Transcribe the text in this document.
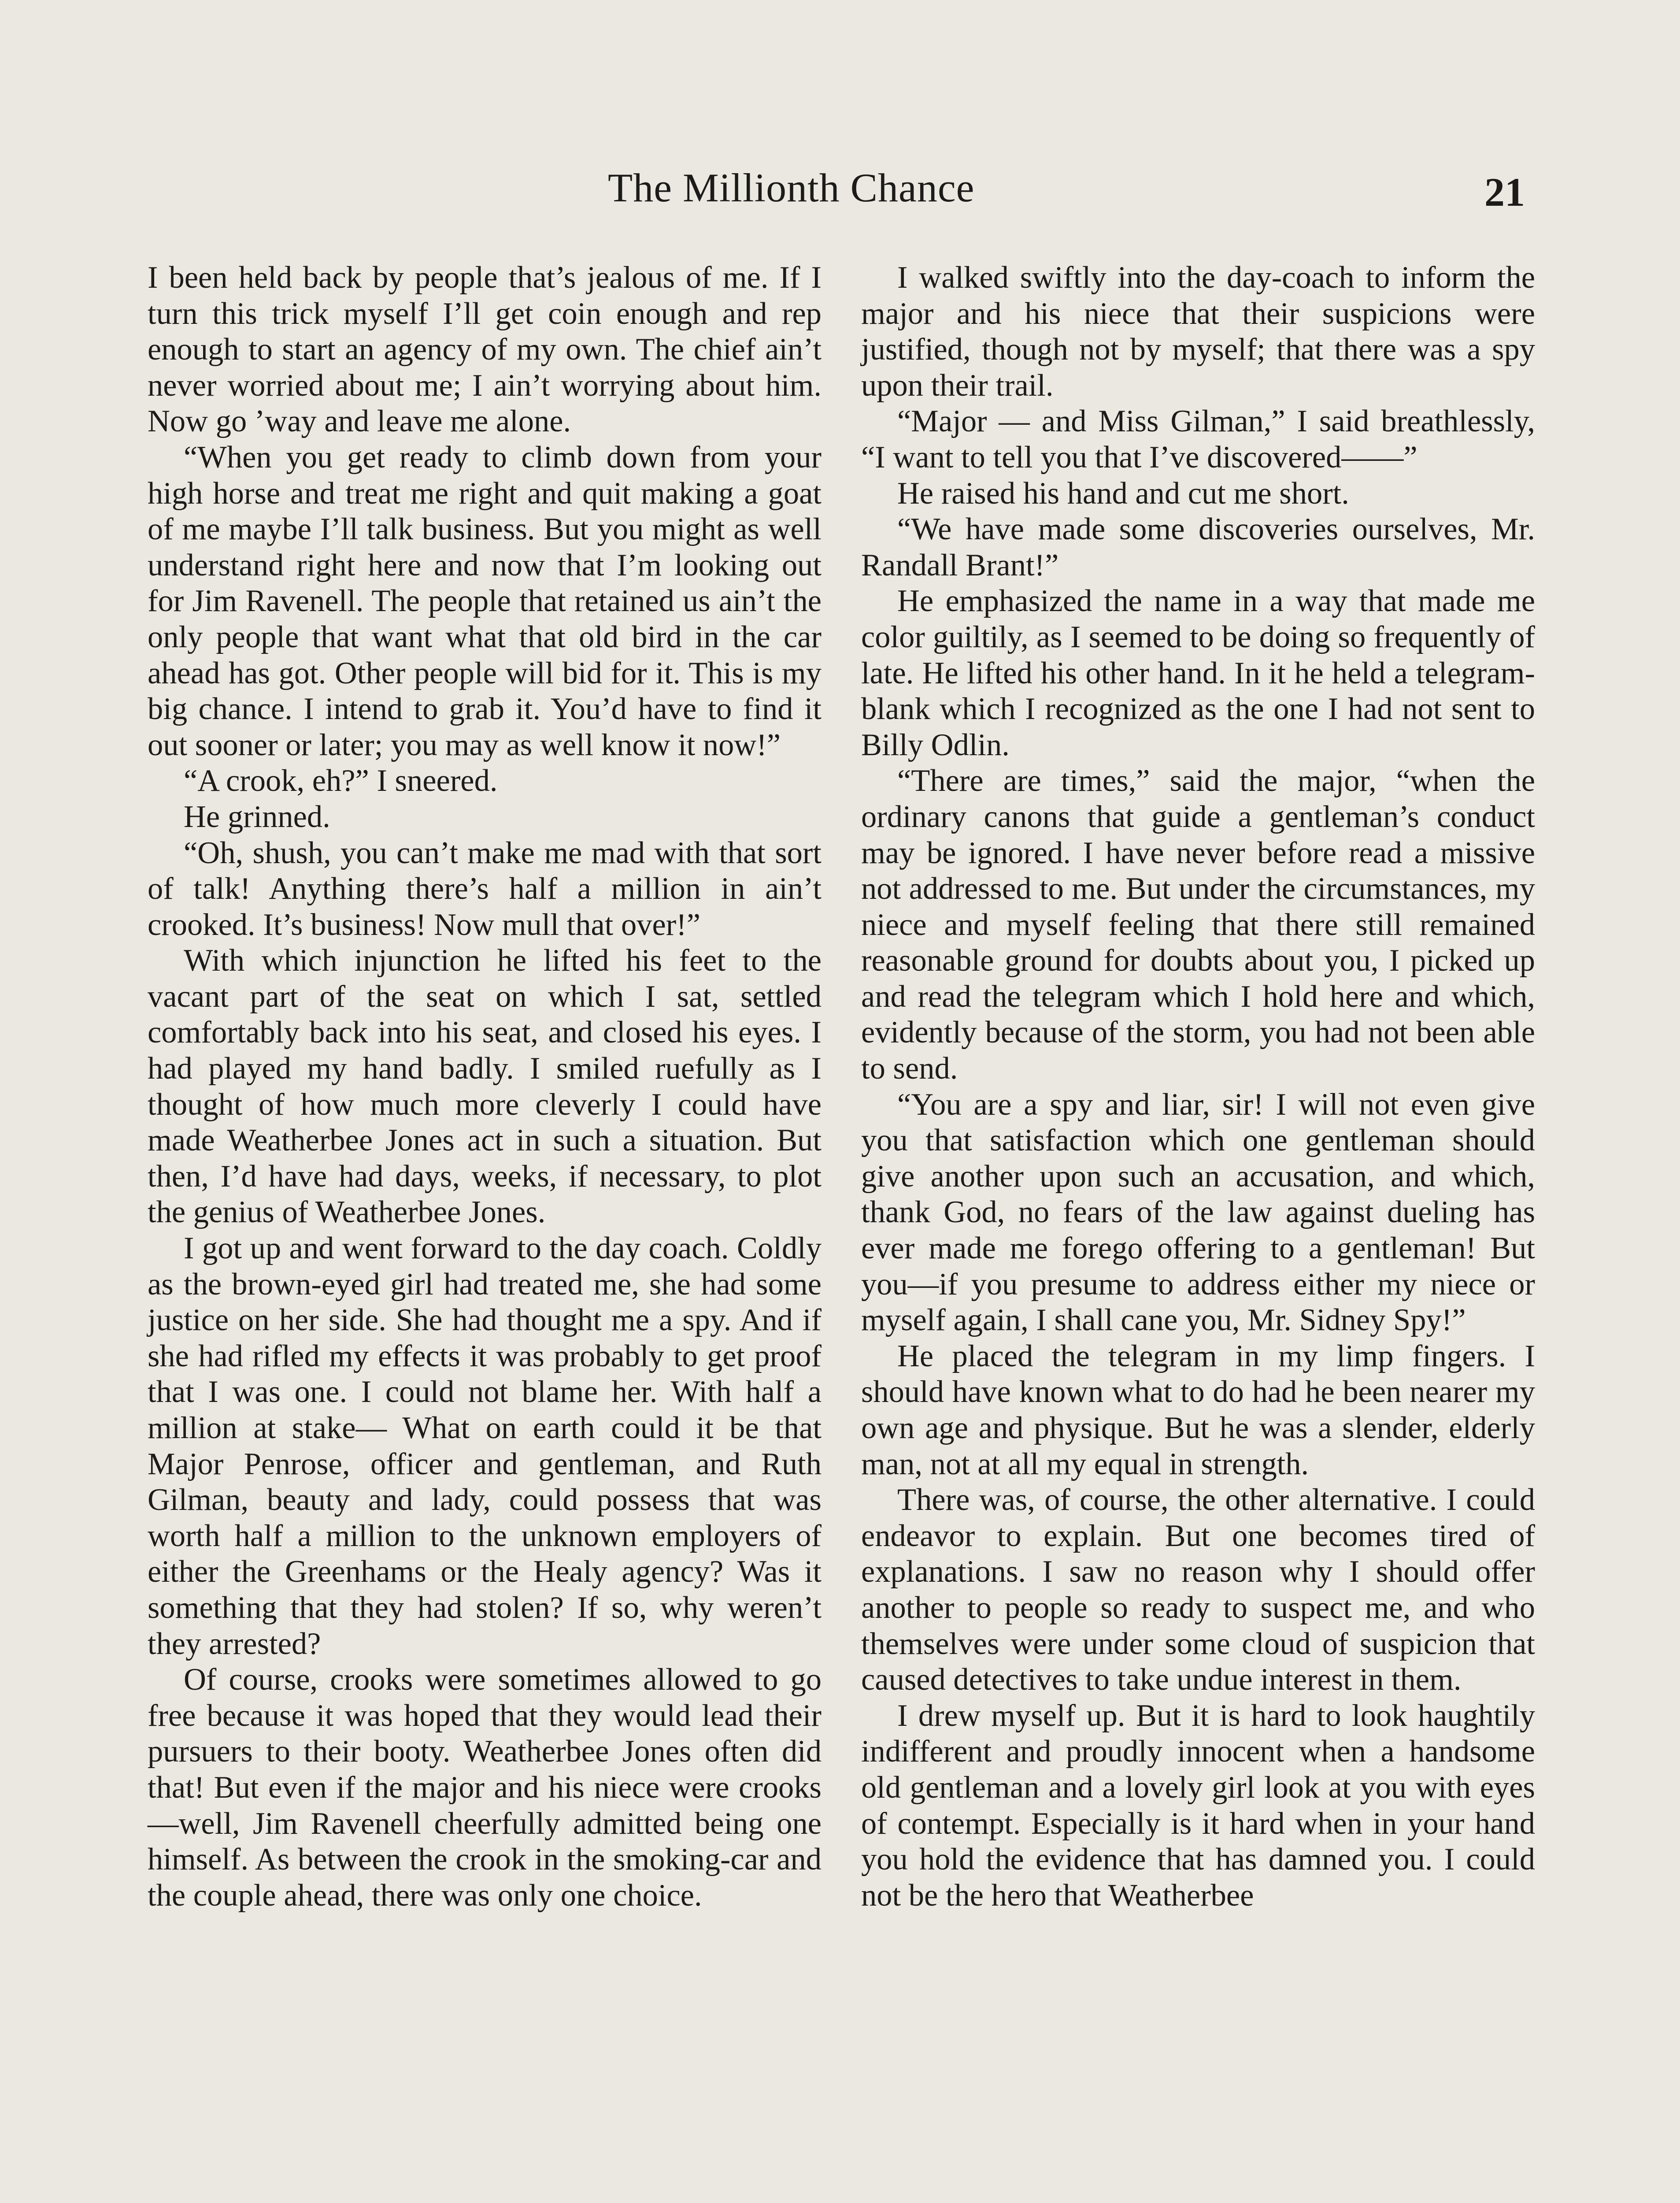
The Millionth Chance	21

I been held back by people that’s jealous of me. If I turn this trick myself I’ll get coin enough and rep enough to start an agency of my own. The chief ain’t never worried about me; I ain’t worrying about him. Now go ’way and leave me alone.

“When you get ready to climb down from your high horse and treat me right and quit making a goat of me maybe I’ll talk business. But you might as well understand right here and now that I’m looking out for Jim Ravenell. The people that retained us ain’t the only people that want what that old bird in the car ahead has got. Other people will bid for it. This is my big chance. I intend to grab it. You’d have to find it out sooner or later; you may as well know it now!”

“A crook, eh?” I sneered.

He grinned.

“Oh, shush, you can’t make me mad with that sort of talk! Anything there’s half a million in ain’t crooked. It’s business! Now mull that over!”

With which injunction he lifted his feet to the vacant part of the seat on which I sat, settled comfortably back into his seat, and closed his eyes. I had played my hand badly. I smiled ruefully as I thought of how much more cleverly I could have made Weatherbee Jones act in such a situation. But then, I’d have had days, weeks, if necessary, to plot the genius of Weatherbee Jones.

I got up and went forward to the day coach. Coldly as the brown-eyed girl had treated me, she had some justice on her side. She had thought me a spy. And if she had rifled my effects it was probably to get proof that I was one. I could not blame her. With half a million at stake— What on earth could it be that Major Penrose, officer and gentleman, and Ruth Gilman, beauty and lady, could possess that was worth half a million to the unknown employers of either the Greenhams or the Healy agency? Was it something that they had stolen? If so, why weren’t they arrested?

Of course, crooks were sometimes allowed to go free because it was hoped that they would lead their pursuers to their booty. Weatherbee Jones often did that! But even if the major and his niece were crooks—well, Jim Ravenell cheerfully admitted being one himself. As between the crook in the smoking-car and the couple ahead, there was only one choice.

I walked swiftly into the day-coach to inform the major and his niece that their suspicions were justified, though not by myself; that there was a spy upon their trail.

“Major — and Miss Gilman,” I said breathlessly, “I want to tell you that I’ve discovered——”

He raised his hand and cut me short.

“We have made some discoveries ourselves, Mr. Randall Brant!”

He emphasized the name in a way that made me color guiltily, as I seemed to be doing so frequently of late. He lifted his other hand. In it he held a telegram-blank which I recognized as the one I had not sent to Billy Odlin.

“There are times,” said the major, “when the ordinary canons that guide a gentleman’s conduct may be ignored. I have never before read a missive not addressed to me. But under the circumstances, my niece and myself feeling that there still remained reasonable ground for doubts about you, I picked up and read the telegram which I hold here and which, evidently because of the storm, you had not been able to send.

“You are a spy and liar, sir! I will not even give you that satisfaction which one gentleman should give another upon such an accusation, and which, thank God, no fears of the law against dueling has ever made me forego offering to a gentleman! But you—if you presume to address either my niece or myself again, I shall cane you, Mr. Sidney Spy!”

He placed the telegram in my limp fingers. I should have known what to do had he been nearer my own age and physique. But he was a slender, elderly man, not at all my equal in strength.

There was, of course, the other alternative. I could endeavor to explain. But one becomes tired of explanations. I saw no reason why I should offer another to people so ready to suspect me, and who themselves were under some cloud of suspicion that caused detectives to take undue interest in them.

I drew myself up. But it is hard to look haughtily indifferent and proudly innocent when a handsome old gentleman and a lovely girl look at you with eyes of contempt. Especially is it hard when in your hand you hold the evidence that has damned you. I could not be the hero that Weatherbee
